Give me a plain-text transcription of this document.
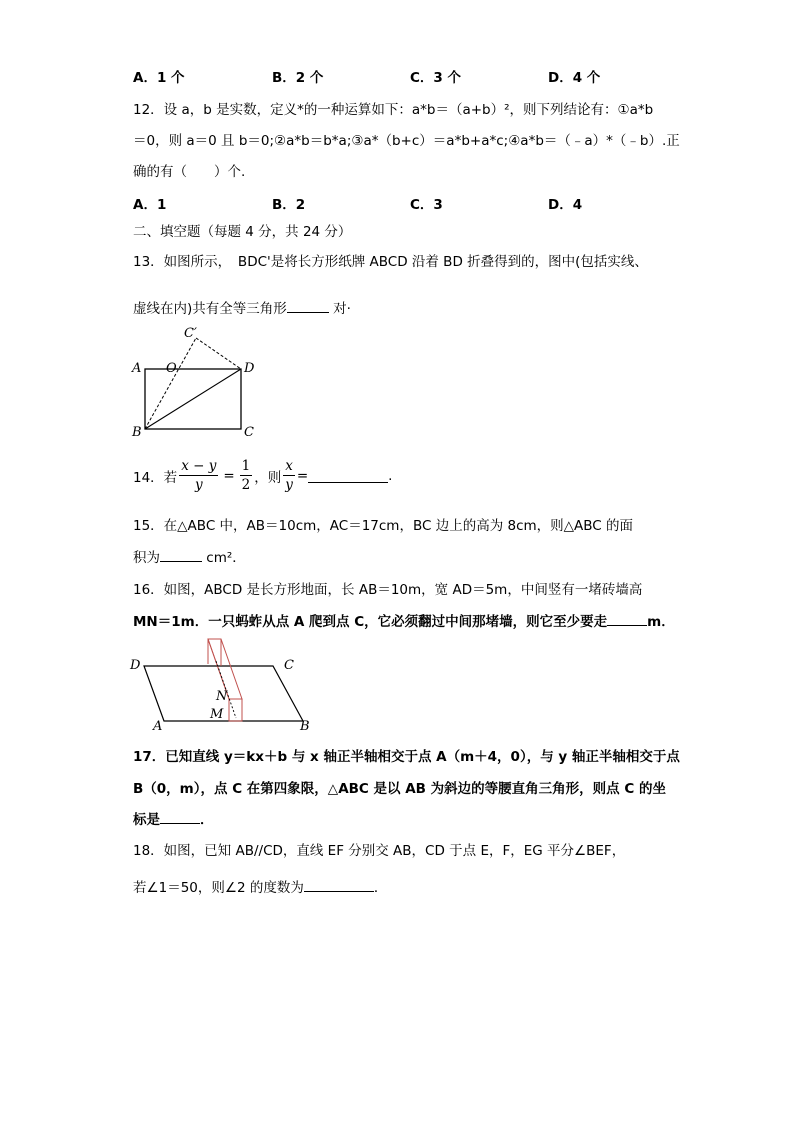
A．1 个	B．2 个	C．3 个	D．4 个
12．设 a，b 是实数，定义*的一种运算如下：a*b＝（a+b）²，则下列结论有：①a*b
＝0，则 a＝0 且 b＝0;②a*b＝b*a;③a*（b+c）＝a*b+a*c;④a*b＝（﹣a）*（﹣b）.正
确的有（　　）个.
A．1	B．2	C．3	D．4
二、填空题（每题 4 分，共 24 分）
13．如图所示，　BDC'是将长方形纸牌 ABCD 沿着 BD 折叠得到的，图中(包括实线、
虚线在内)共有全等三角形	对·
C′
A O	D
B	C
14．若 $\frac{x - y}{y} = \frac{1}{2}$ ，则 $\frac{x}{y}$ =	.
15．在△ABC 中，AB＝10cm，AC＝17cm，BC 边上的高为 8cm，则△ABC 的面
积为	cm²．
16．如图，ABCD 是长方形地面，长 AB＝10m，宽 AD＝5m，中间竖有一堵砖墙高
MN＝1m．一只蚂蚱从点 A 爬到点 C，它必须翻过中间那堵墙，则它至少要走	m．
D	C
A	B
M
N
17．已知直线 y＝kx＋b 与 x 轴正半轴相交于点 A（m＋4，0），与 y 轴正半轴相交于点
B（0，m），点 C 在第四象限，△ABC 是以 AB 为斜边的等腰直角三角形，则点 C 的坐
标是	．
18．如图，已知 AB//CD，直线 EF 分别交 AB，CD 于点 E，F，EG 平分∠BEF，
若∠1＝50，则∠2 的度数为	．
